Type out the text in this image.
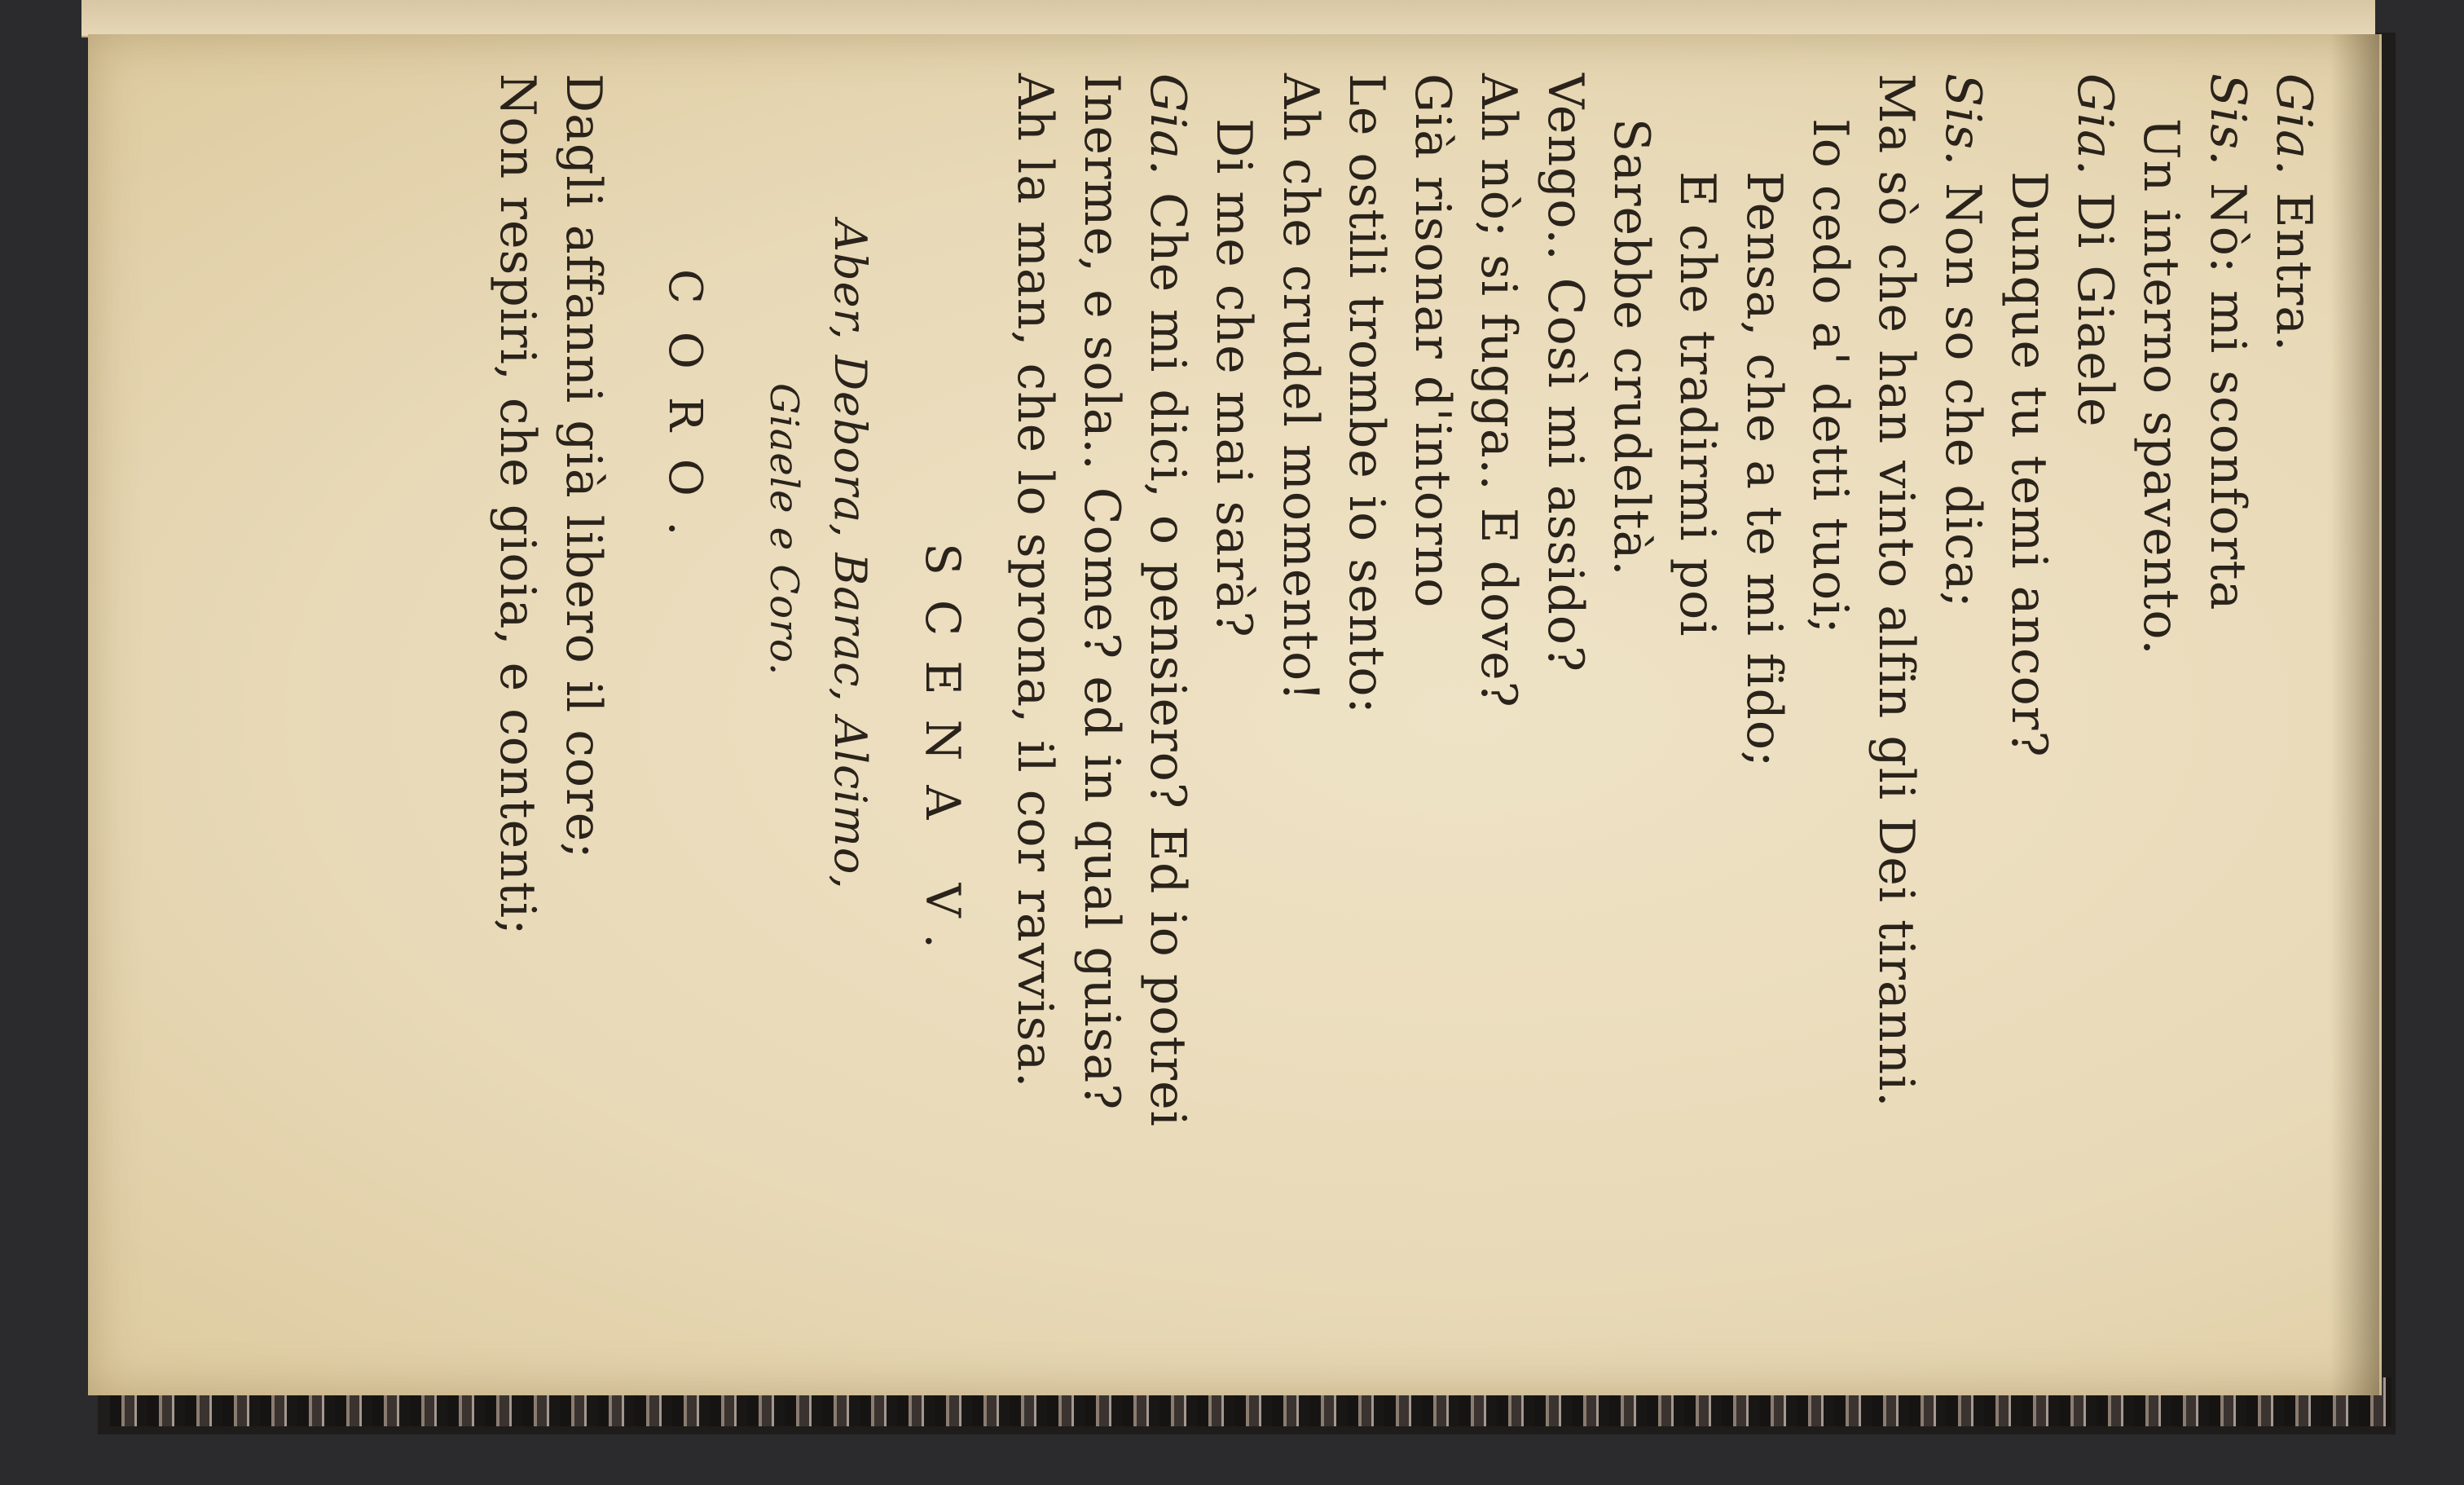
Gia. Entra.
Sis. Nò: mi sconforta
Un interno spavento.
Gia. Di Giaele
Dunque tu temi ancor?
Sis. Non so che dica;
Ma sò che han vinto alfin gli Dei tiranni.
Io cedo a' detti tuoi;
Pensa, che a te mi fido;
E che tradirmi poi
Sarebbe crudeltà.
Vengo.. Così mi assido?
Ah nò; si fugga.. E dove?
Già risonar d'intorno
Le ostili trombe io sento:
Ah che crudel momento!
Di me che mai sarà?
Gia. Che mi dici, o pensiero? Ed io potrei
Inerme, e sola.. Come? ed in qual guisa?
Ah la man, che lo sprona, il cor ravvisa.
SCENA V.
Aber, Debora, Barac, Alcimo,
Giaele e Coro.
CORO.
Dagli affanni già libero il core;
Non respiri, che gioia, e contenti;
